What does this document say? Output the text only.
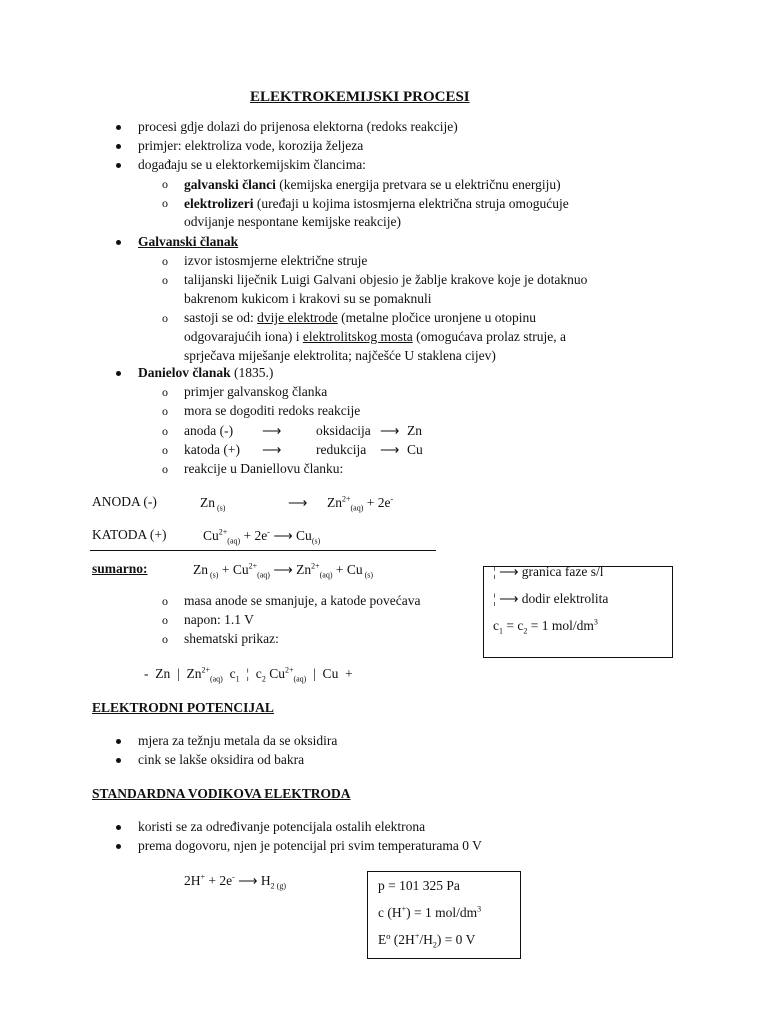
ELEKTROKEMIJSKI PROCESI
procesi gdje dolazi do prijenosa elektorna (redoks reakcije)
primjer: elektroliza vode, korozija željeza
događaju se u elektorkemijskim člancima:
o galvanski članci (kemijska energija pretvara se u električnu energiju)
o elektrolizeri (uređaji u kojima istosmjerna električna struja omogućuje
odvijanje nespontane kemijske reakcije)
Galvanski članak
o izvor istosmjerne električne struje
o talijanski liječnik Luigi Galvani objesio je žablje krakove koje je dotaknuo
bakrenom kukicom i krakovi su se pomaknuli
o sastoji se od: dvije elektrode (metalne pločice uronjene u otopinu
odgovarajućih iona) i elektrolitskog mosta (omogućava prolaz struje, a
sprječava miješanje elektrolita; najčešće U staklena cijev)
Danielov članak (1835.)
o primjer galvanskog članka
o mora se dogoditi redoks reakcije
o anoda (-) ⟶	oksidacija ⟶ Zn
o katoda (+) ⟶	redukcija ⟶ Cu
o reakcije u Daniellovu članku:
ANODA (-)	Zn $_{(s)}$	⟶ $Zn^{2+}_{(aq)} + 2e^-$
KATODA (+)	$Cu^{2+}_{(aq)} + 2e^-$ ⟶ $Cu_{(s)}$
sumarno:	Zn $_{(s)} + Cu^{2+}_{(aq)}$ ⟶ $Zn^{2+}_{(aq)} + Cu$ $_{(s)}$	¦ ⟶ granica faze s/l
¦ ⟶ dodir elektrolita
$c_1 = c_2 = 1$ mol/$dm^3$
o masa anode se smanjuje, a katode povećava
o napon: 1.1 V
o shematski prikaz:
-  Zn  |  $Zn^{2+}_{(aq)}$  $c_1$  ¦  $c_2$ $Cu^{2+}_{(aq)}$  |  Cu  +
ELEKTRODNI POTENCIJAL
mjera za težnju metala da se oksidira
cink se lakše oksidira od bakra
STANDARDNA VODIKOVA ELEKTRODA
koristi se za određivanje potencijala ostalih elektrona
prema dogovoru, njen je potencijal pri svim temperaturama 0 V
2H+ + 2e- ⟶ $H_{2 (g)}$	p = 101 325 Pa
c (H+) = 1 mol/$dm^3$
Eº $(2H^+/H_2) = 0$ V
